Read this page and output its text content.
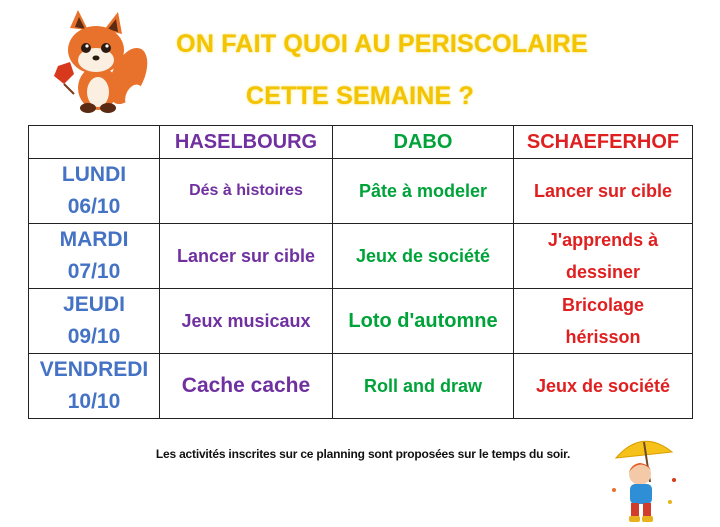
ON FAIT QUOI AU PERISCOLAIRE
CETTE SEMAINE ?
	HASELBOURG	DABO	SCHAEFERHOF
LUNDI
06/10	Dés à histoires	Pâte à modeler	Lancer sur cible
MARDI
07/10	Lancer sur cible	Jeux de société	J'apprends à
dessiner
JEUDI
09/10	Jeux musicaux	Loto d'automne	Bricolage
hérisson
VENDREDI
10/10	Cache cache	Roll and draw	Jeux de société
Les activités inscrites sur ce planning sont proposées sur le temps du soir.
